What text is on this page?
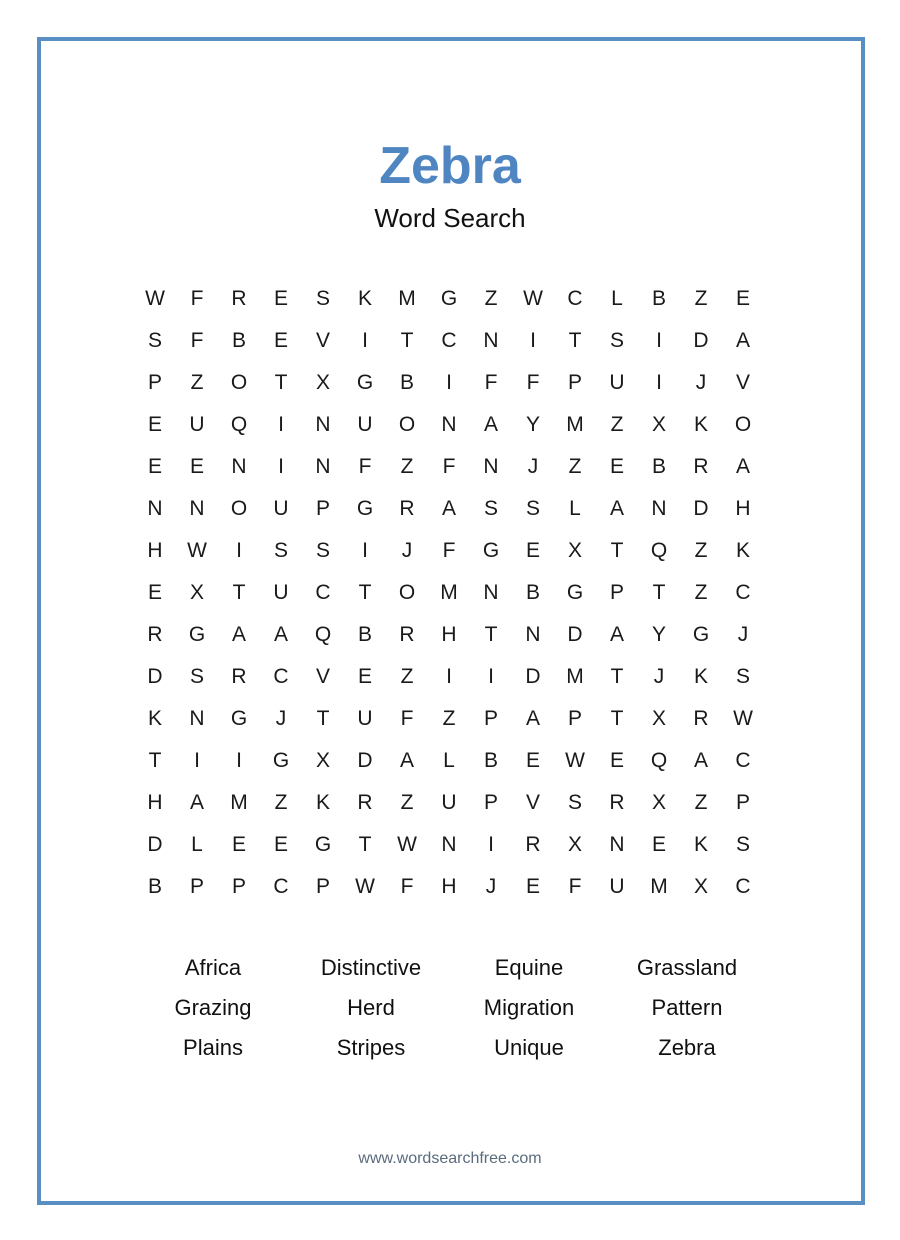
Zebra
Word Search
W	F	R	E	S	K	M	G	Z	W	C	L	B	Z	E
S	F	B	E	V	I	T	C	N	I	T	S	I	D	A
P	Z	O	T	X	G	B	I	F	F	P	U	I	J	V
E	U	Q	I	N	U	O	N	A	Y	M	Z	X	K	O
E	E	N	I	N	F	Z	F	N	J	Z	E	B	R	A
N	N	O	U	P	G	R	A	S	S	L	A	N	D	H
H	W	I	S	S	I	J	F	G	E	X	T	Q	Z	K
E	X	T	U	C	T	O	M	N	B	G	P	T	Z	C
R	G	A	A	Q	B	R	H	T	N	D	A	Y	G	J
D	S	R	C	V	E	Z	I	I	D	M	T	J	K	S
K	N	G	J	T	U	F	Z	P	A	P	T	X	R	W
T	I	I	G	X	D	A	L	B	E	W	E	Q	A	C
H	A	M	Z	K	R	Z	U	P	V	S	R	X	Z	P
D	L	E	E	G	T	W	N	I	R	X	N	E	K	S
B	P	P	C	P	W	F	H	J	E	F	U	M	X	C
Africa	Distinctive	Equine	Grassland
Grazing	Herd	Migration	Pattern
Plains	Stripes	Unique	Zebra
www.wordsearchfree.com
